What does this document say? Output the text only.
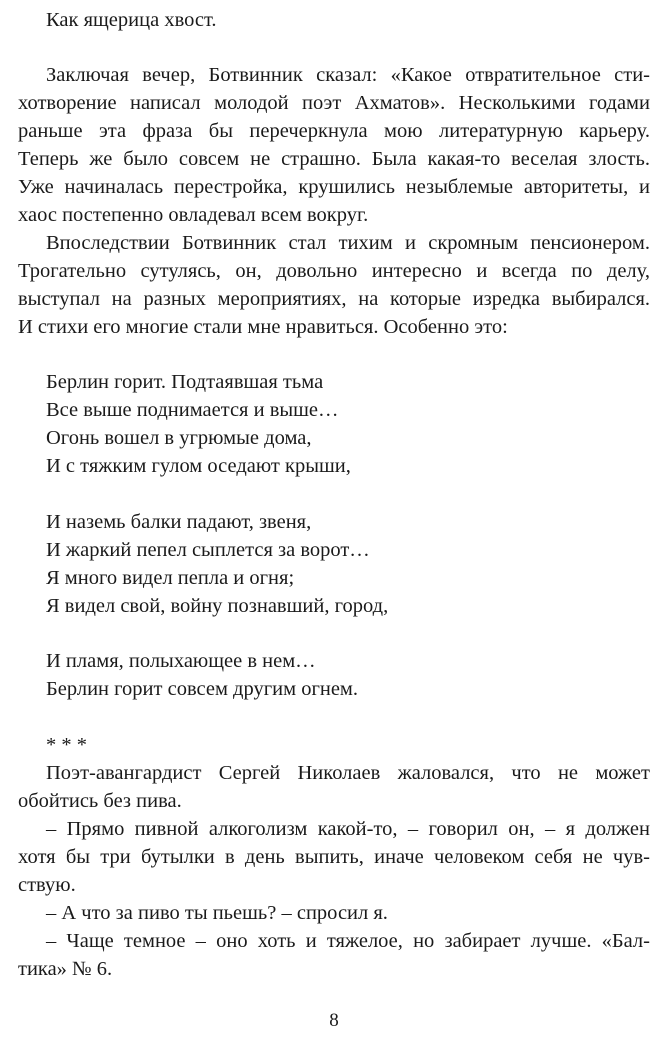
Как ящерица хвост.
Заключая вечер, Ботвинник сказал: «Какое отвратительное сти-
хотворение написал молодой поэт Ахматов». Несколькими годами
раньше эта фраза бы перечеркнула мою литературную карьеру.
Теперь же было совсем не страшно. Была какая-то веселая злость.
Уже начиналась перестройка, крушились незыблемые авторитеты, и
хаос постепенно овладевал всем вокруг.
Впоследствии Ботвинник стал тихим и скромным пенсионером.
Трогательно сутулясь, он, довольно интересно и всегда по делу,
выступал на разных мероприятиях, на которые изредка выбирался.
И стихи его многие стали мне нравиться. Особенно это:
Берлин горит. Подтаявшая тьма
Все выше поднимается и выше…
Огонь вошел в угрюмые дома,
И с тяжким гулом оседают крыши,
И наземь балки падают, звеня,
И жаркий пепел сыплется за ворот…
Я много видел пепла и огня;
Я видел свой, войну познавший, город,
И пламя, полыхающее в нем…
Берлин горит совсем другим огнем.
* * *
Поэт-авангардист Сергей Николаев жаловался, что не может
обойтись без пива.
– Прямо пивной алкоголизм какой-то, – говорил он, – я должен
хотя бы три бутылки в день выпить, иначе человеком себя не чув-
ствую.
– А что за пиво ты пьешь? – спросил я.
– Чаще темное – оно хоть и тяжелое, но забирает лучше. «Бал-
тика» № 6.
8
